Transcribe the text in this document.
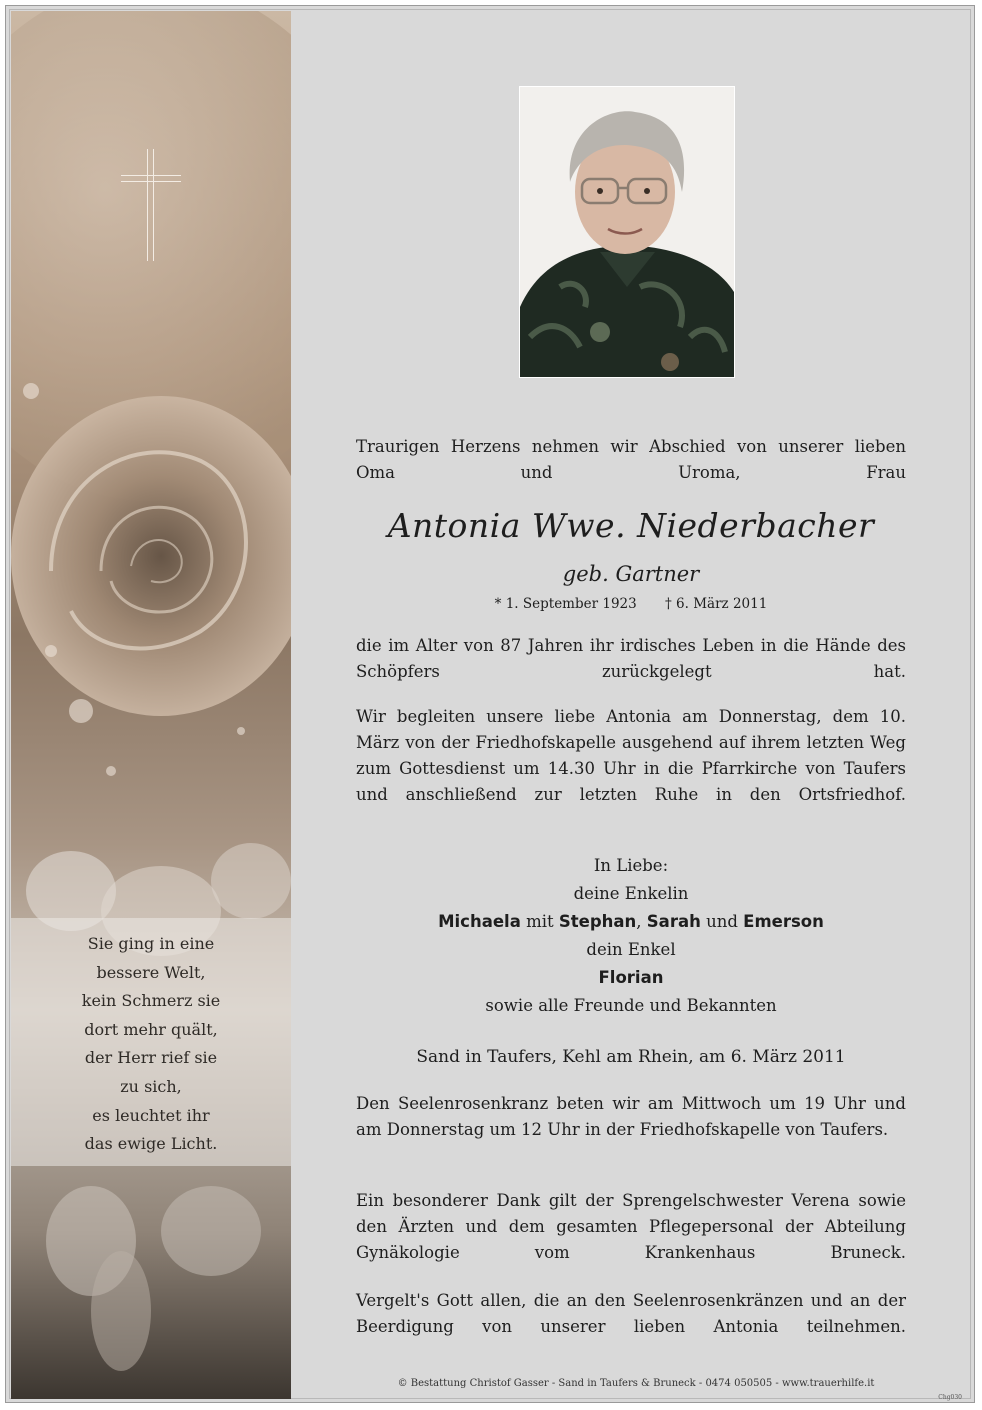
Sie ging in eine
bessere Welt,
kein Schmerz sie
dort mehr quält,
der Herr rief sie
zu sich,
es leuchtet ihr
das ewige Licht.

Traurigen Herzens nehmen wir Abschied von unserer lieben Oma und Uroma, Frau

Antonia Wwe. Niederbacher
geb. Gartner
* 1. September 1923 † 6. März 2011

die im Alter von 87 Jahren ihr irdisches Leben in die Hände des Schöpfers zurückgelegt hat.

Wir begleiten unsere liebe Antonia am Donnerstag, dem 10. März von der Friedhofskapelle ausgehend auf ihrem letzten Weg zum Gottesdienst um 14.30 Uhr in die Pfarrkirche von Taufers und anschließend zur letzten Ruhe in den Ortsfriedhof.

In Liebe:
deine Enkelin
Michaela mit Stephan, Sarah und Emerson
dein Enkel
Florian
sowie alle Freunde und Bekannten
Sand in Taufers, Kehl am Rhein, am 6. März 2011

Den Seelenrosenkranz beten wir am Mittwoch um 19 Uhr und am Donnerstag um 12 Uhr in der Friedhofskapelle von Taufers.

Ein besonderer Dank gilt der Sprengelschwester Verena sowie den Ärzten und dem gesamten Pflegepersonal der Abteilung Gynäkologie vom Krankenhaus Bruneck.

Vergelt's Gott allen, die an den Seelenrosenkränzen und an der Beerdigung von unserer lieben Antonia teilnehmen.

© Bestattung Christof Gasser - Sand in Taufers & Bruneck - 0474 050505 - www.trauerhilfe.it
Chg030
